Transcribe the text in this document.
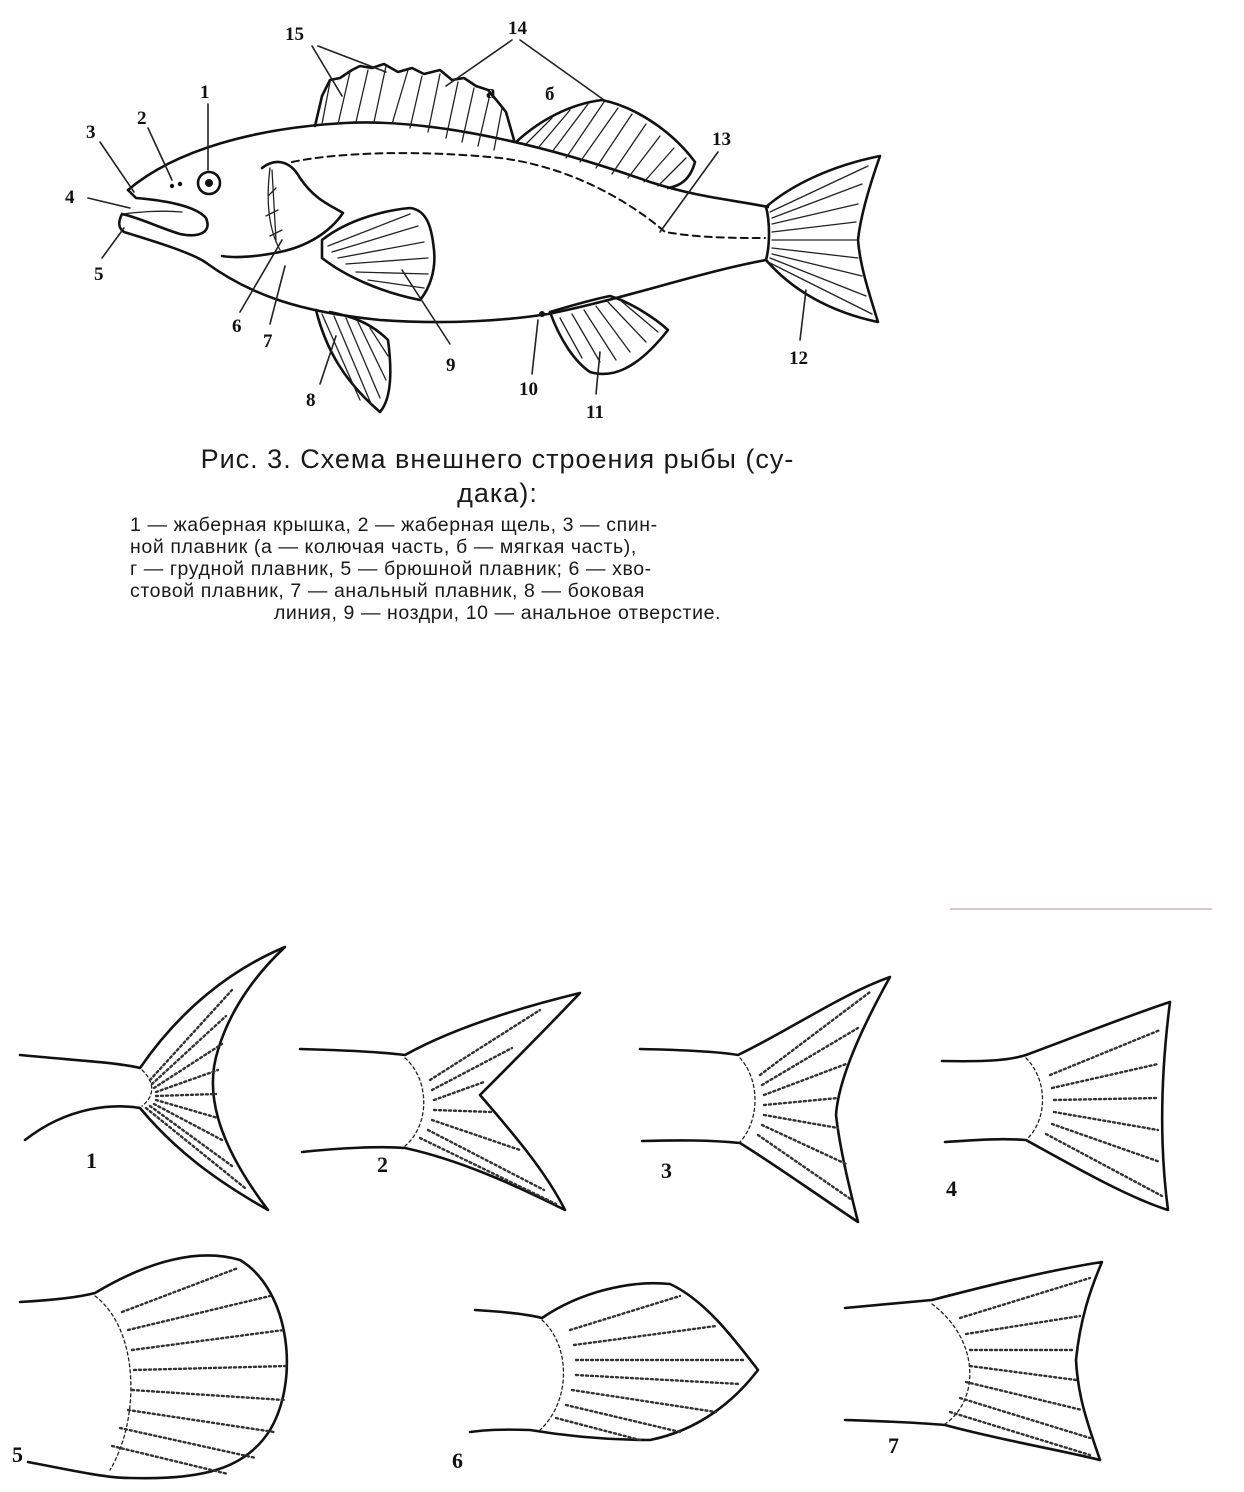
1
2
3
4
5
6
7
8
9
10
11
12
13
14
15
а	б
Рис. 3. Схема внешнего строения рыбы (су-
дака):
1 — жаберная крышка, 2 — жаберная щель, 3 — спин-
ной плавник (а — колючая часть, б — мягкая часть),
г — грудной плавник, 5 — брюшной плавник; 6 — хво-
стовой плавник, 7 — анальный плавник, 8 — боковая
линия, 9 — ноздри, 10 — анальное отверстие.
1	2	3
4
5	6
7
